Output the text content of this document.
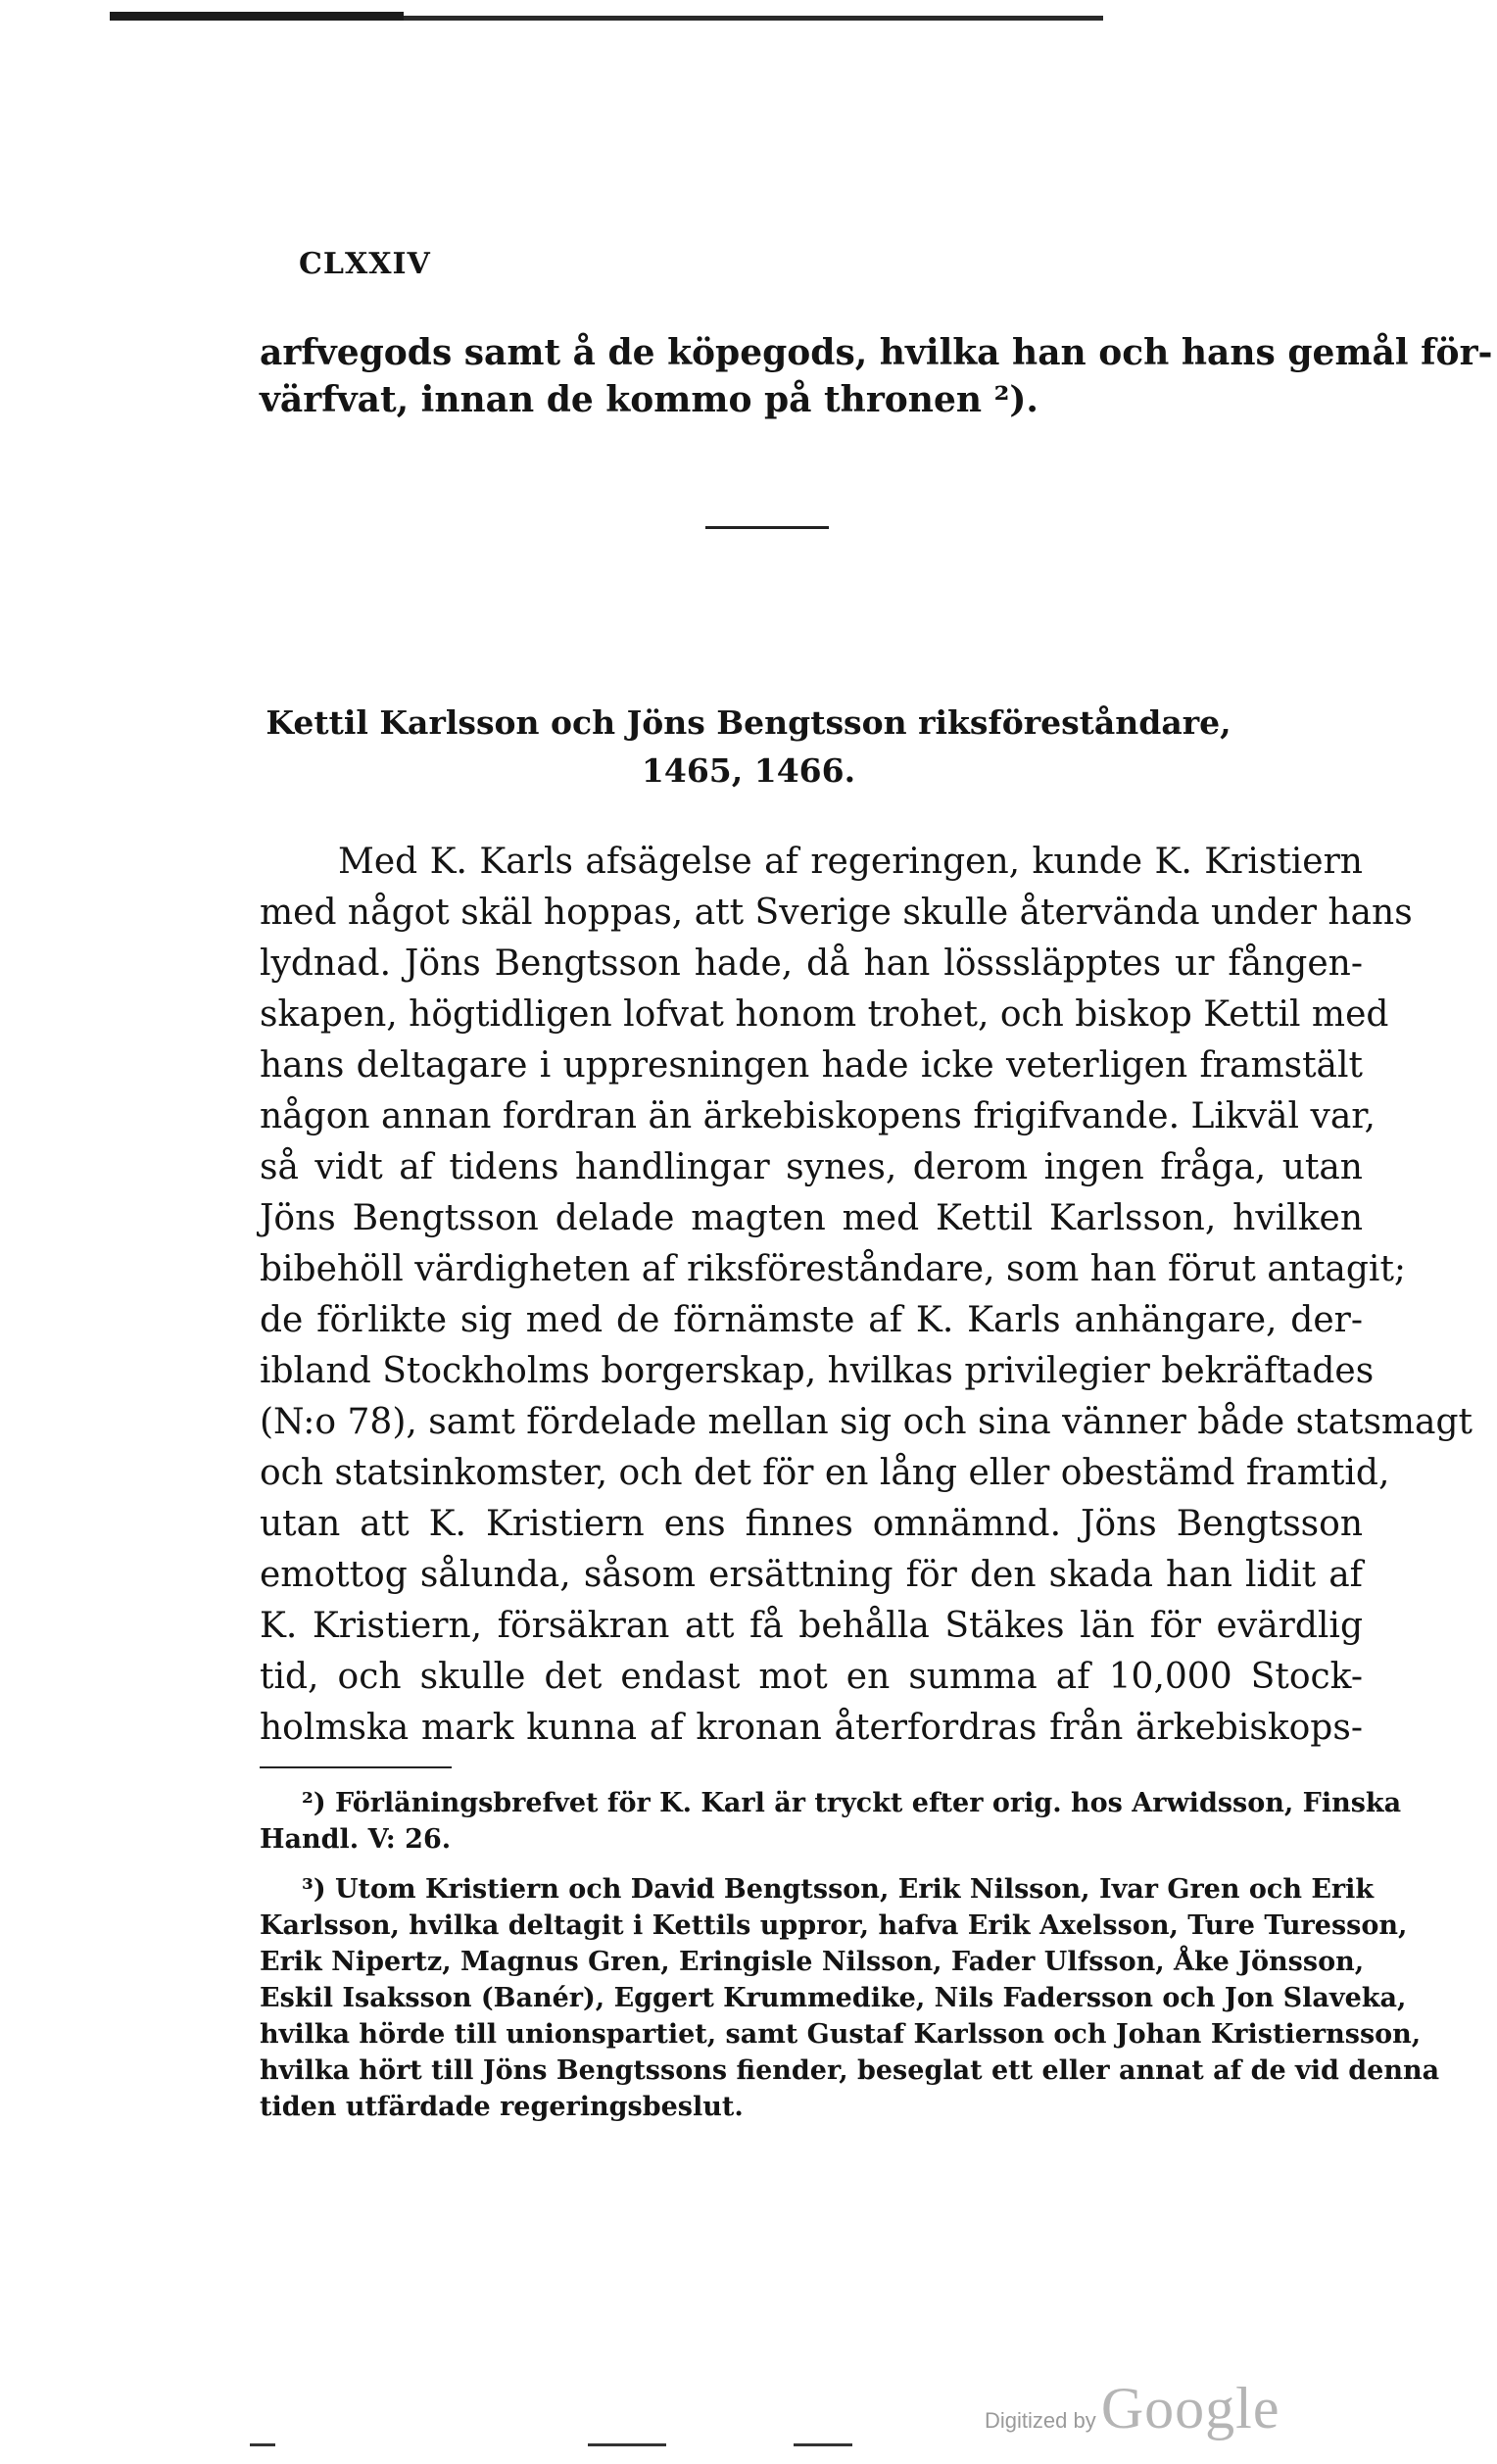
CLXXIV
arfvegods samt å de köpegods, hvilka han och hans gemål för-
värfvat, innan de kommo på thronen ²).
Kettil Karlsson och Jöns Bengtsson riksföreståndare,
1465, 1466.
Med K. Karls afsägelse af regeringen, kunde K. Kristiern
med något skäl hoppas, att Sverige skulle återvända under hans
lydnad. Jöns Bengtsson hade, då han lösssläpptes ur fången-
skapen, högtidligen lofvat honom trohet, och biskop Kettil med
hans deltagare i uppresningen hade icke veterligen framstält
någon annan fordran än ärkebiskopens frigifvande. Likväl var,
så vidt af tidens handlingar synes, derom ingen fråga, utan
Jöns Bengtsson delade magten med Kettil Karlsson, hvilken
bibehöll värdigheten af riksföreståndare, som han förut antagit;
de förlikte sig med de förnämste af K. Karls anhängare, der-
ibland Stockholms borgerskap, hvilkas privilegier bekräftades
(N:o 78), samt fördelade mellan sig och sina vänner både statsmagt
och statsinkomster, och det för en lång eller obestämd framtid,
utan att K. Kristiern ens finnes omnämnd. Jöns Bengtsson
emottog sålunda, såsom ersättning för den skada han lidit af
K. Kristiern, försäkran att få behålla Stäkes län för evärdlig
tid, och skulle det endast mot en summa af 10,000 Stock-
holmska mark kunna af kronan återfordras från ärkebiskops-
²) Förläningsbrefvet för K. Karl är tryckt efter orig. hos Arwidsson, Finska
Handl. V: 26.
³) Utom Kristiern och David Bengtsson, Erik Nilsson, Ivar Gren och Erik
Karlsson, hvilka deltagit i Kettils uppror, hafva Erik Axelsson, Ture Turesson,
Erik Nipertz, Magnus Gren, Eringisle Nilsson, Fader Ulfsson, Åke Jönsson,
Eskil Isaksson (Banér), Eggert Krummedike, Nils Fadersson och Jon Slaveka,
hvilka hörde till unionspartiet, samt Gustaf Karlsson och Johan Kristiernsson,
hvilka hört till Jöns Bengtssons fiender, beseglat ett eller annat af de vid denna
tiden utfärdade regeringsbeslut.
Digitized by Google
